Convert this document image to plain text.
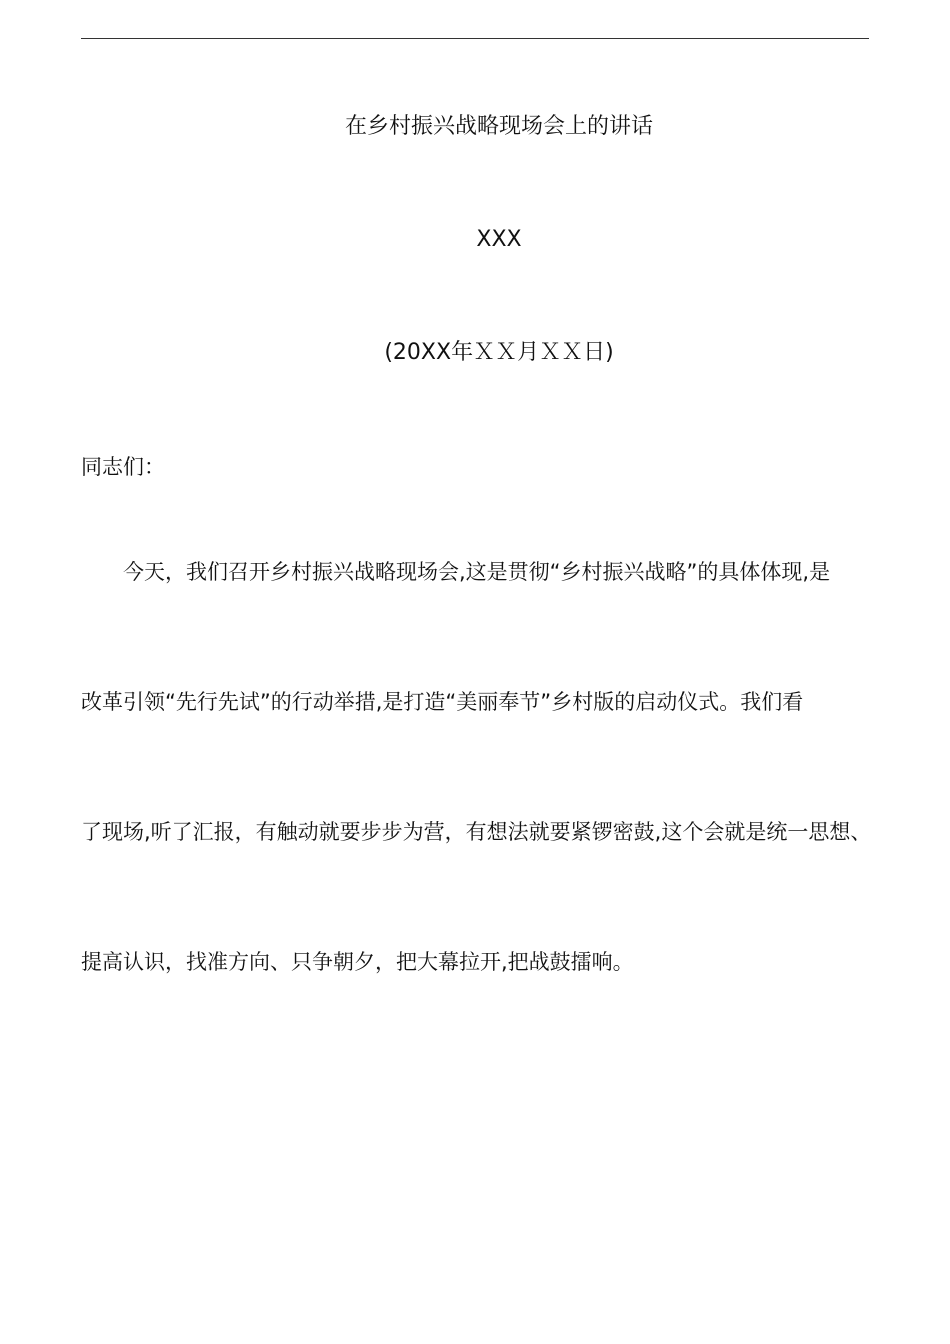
在乡村振兴战略现场会上的讲话
XXX
(20XX年ＸＸ月ＸＸ日)
同志们：
今天，我们召开乡村振兴战略现场会,这是贯彻“乡村振兴战略”的具体体现,是
改革引领“先行先试”的行动举措,是打造“美丽奉节”乡村版的启动仪式。我们看
了现场,听了汇报，有触动就要步步为营，有想法就要紧锣密鼓,这个会就是统一思想、
提高认识，找准方向、只争朝夕，把大幕拉开,把战鼓擂响。
